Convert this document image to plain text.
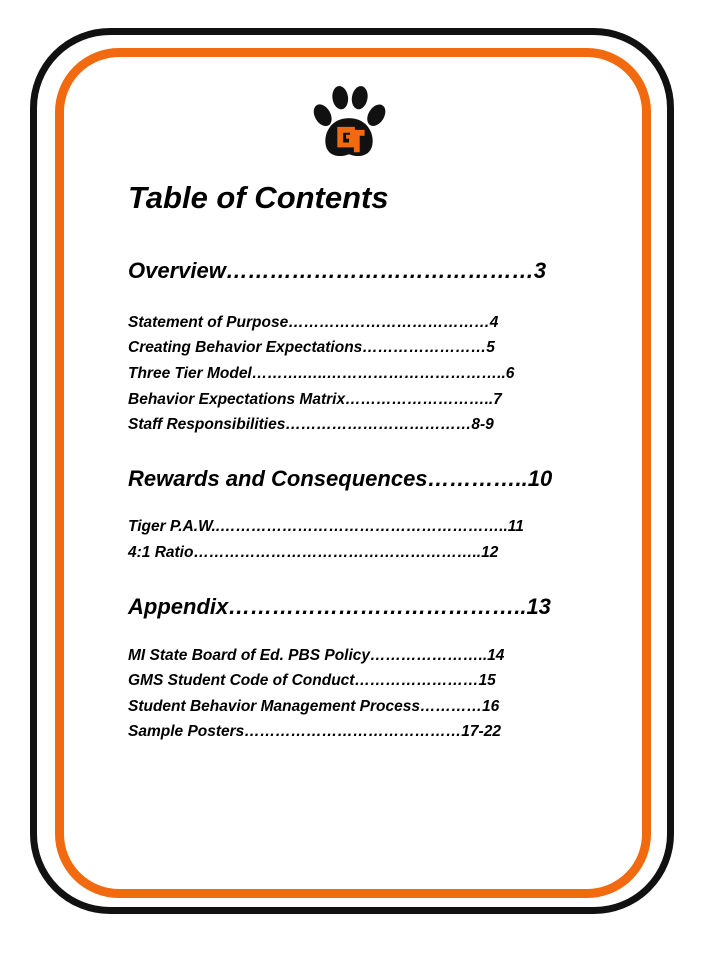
Table of Contents
Overview……………………………………3
Statement of Purpose…………………………………4
Creating Behavior Expectations……………………5
Three Tier Model……….…..……………………………..6
Behavior Expectations Matrix………………………..7
Staff Responsibilities………………………………8-9
Rewards and Consequences…………..10
Tiger P.A.W..………………………………………………..11
4:1 Ratio………………………………………………..12
Appendix…………………………………..13
MI State Board of Ed. PBS Policy…………………..14
GMS Student Code of Conduct……………………15
Student Behavior Management Process…………16
Sample Posters……………………………………17-22
